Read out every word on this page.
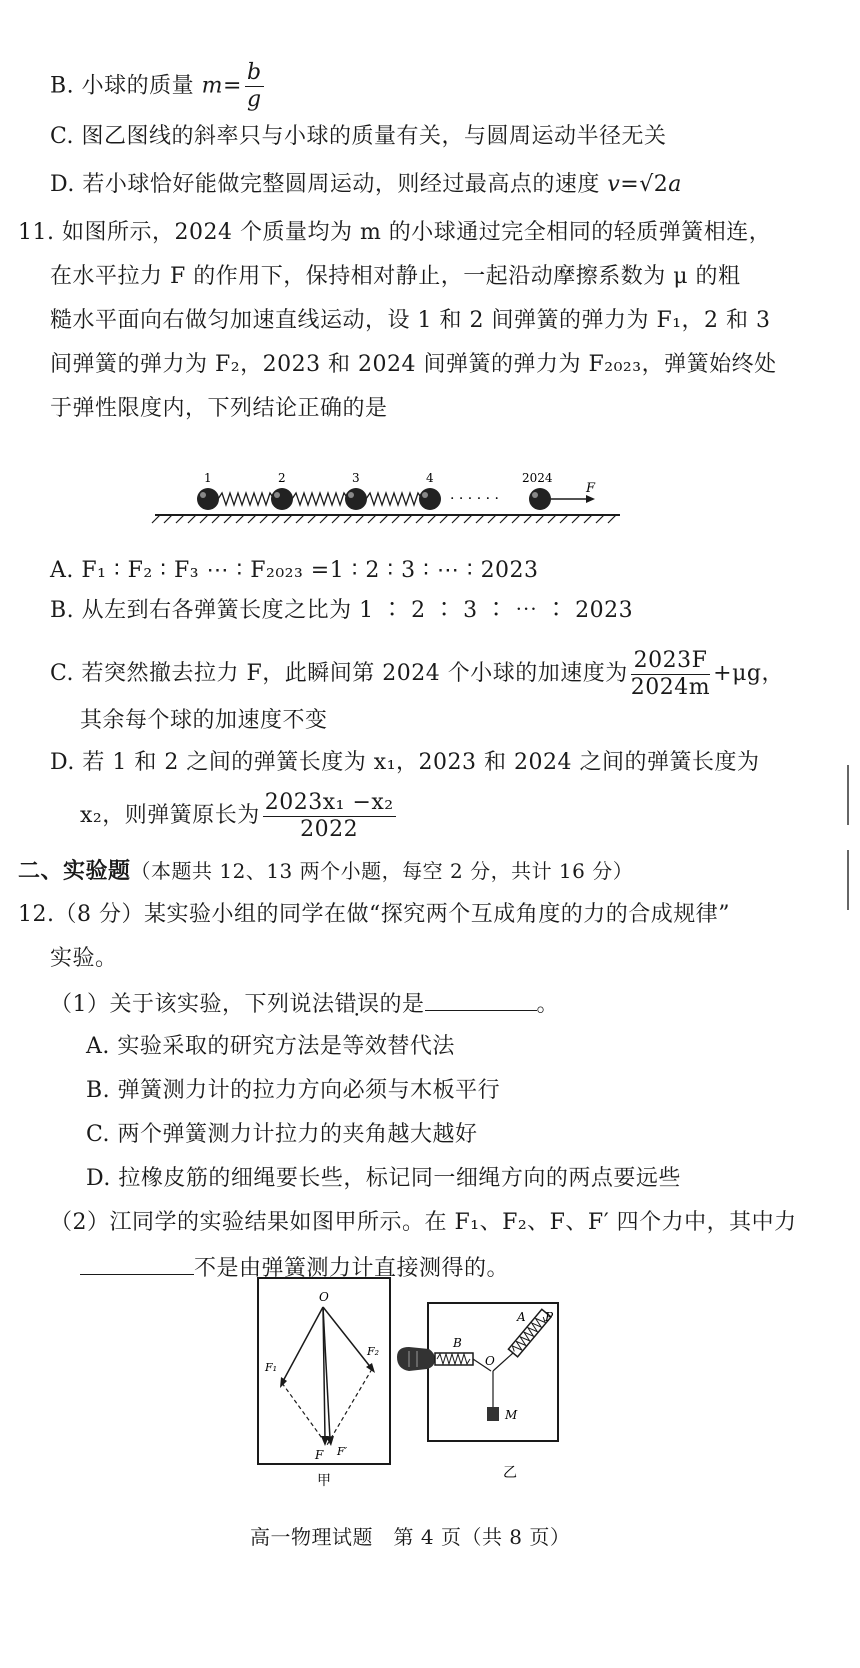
B. 小球的质量 $m= \frac{b}{g}$
C. 图乙图线的斜率只与小球的质量有关，与圆周运动半径无关
D. 若小球恰好能做完整圆周运动，则经过最高点的速度 v=√2a
11. 如图所示，2024 个质量均为 m 的小球通过完全相同的轻质弹簧相连，
在水平拉力 F 的作用下，保持相对静止，一起沿动摩擦系数为 μ 的粗
糙水平面向右做匀加速直线运动，设 1 和 2 间弹簧的弹力为 F₁，2 和 3
间弹簧的弹力为 F₂，2023 和 2024 间弹簧的弹力为 F₂₀₂₃，弹簧始终处
于弹性限度内，下列结论正确的是
1	2	3	4	2024
· · · · · ·
F
A. F₁ ∶ F₂ ∶ F₃ ⋯ ∶ F₂₀₂₃ =1 ∶ 2 ∶ 3 ∶ ⋯ ∶ 2023
B. 从左到右各弹簧长度之比为 1 ∶ 2 ∶ 3 ∶ ⋯ ∶ 2023
C. 若突然撤去拉力 F，此瞬间第 2024 个小球的加速度为 $\frac{2023F}{2024m} +\mu g$，
其余每个球的加速度不变
D. 若 1 和 2 之间的弹簧长度为 x₁，2023 和 2024 之间的弹簧长度为
x₂，则弹簧原长为 $\frac{\text{2023x₁ −x₂}}{2022}$
二、实验题（本题共 12、13 两个小题，每空 2 分，共计 16 分）
12.（8 分）某实验小组的同学在做“探究两个互成角度的力的合成规律”
实验。
（1）关于该实验，下列说法错误的是	。
A. 实验采取的研究方法是等效替代法
B. 弹簧测力计的拉力方向必须与木板平行
C. 两个弹簧测力计拉力的夹角越大越好
D. 拉橡皮筋的细绳要长些，标记同一细绳方向的两点要远些
（2）江同学的实验结果如图甲所示。在 F₁、F₂、F、F′ 四个力中，其中力
不是由弹簧测力计直接测得的。
O
F₁
F₂
F F′
甲
B
O
A P
M
乙
高一物理试题　第 4 页（共 8 页）
